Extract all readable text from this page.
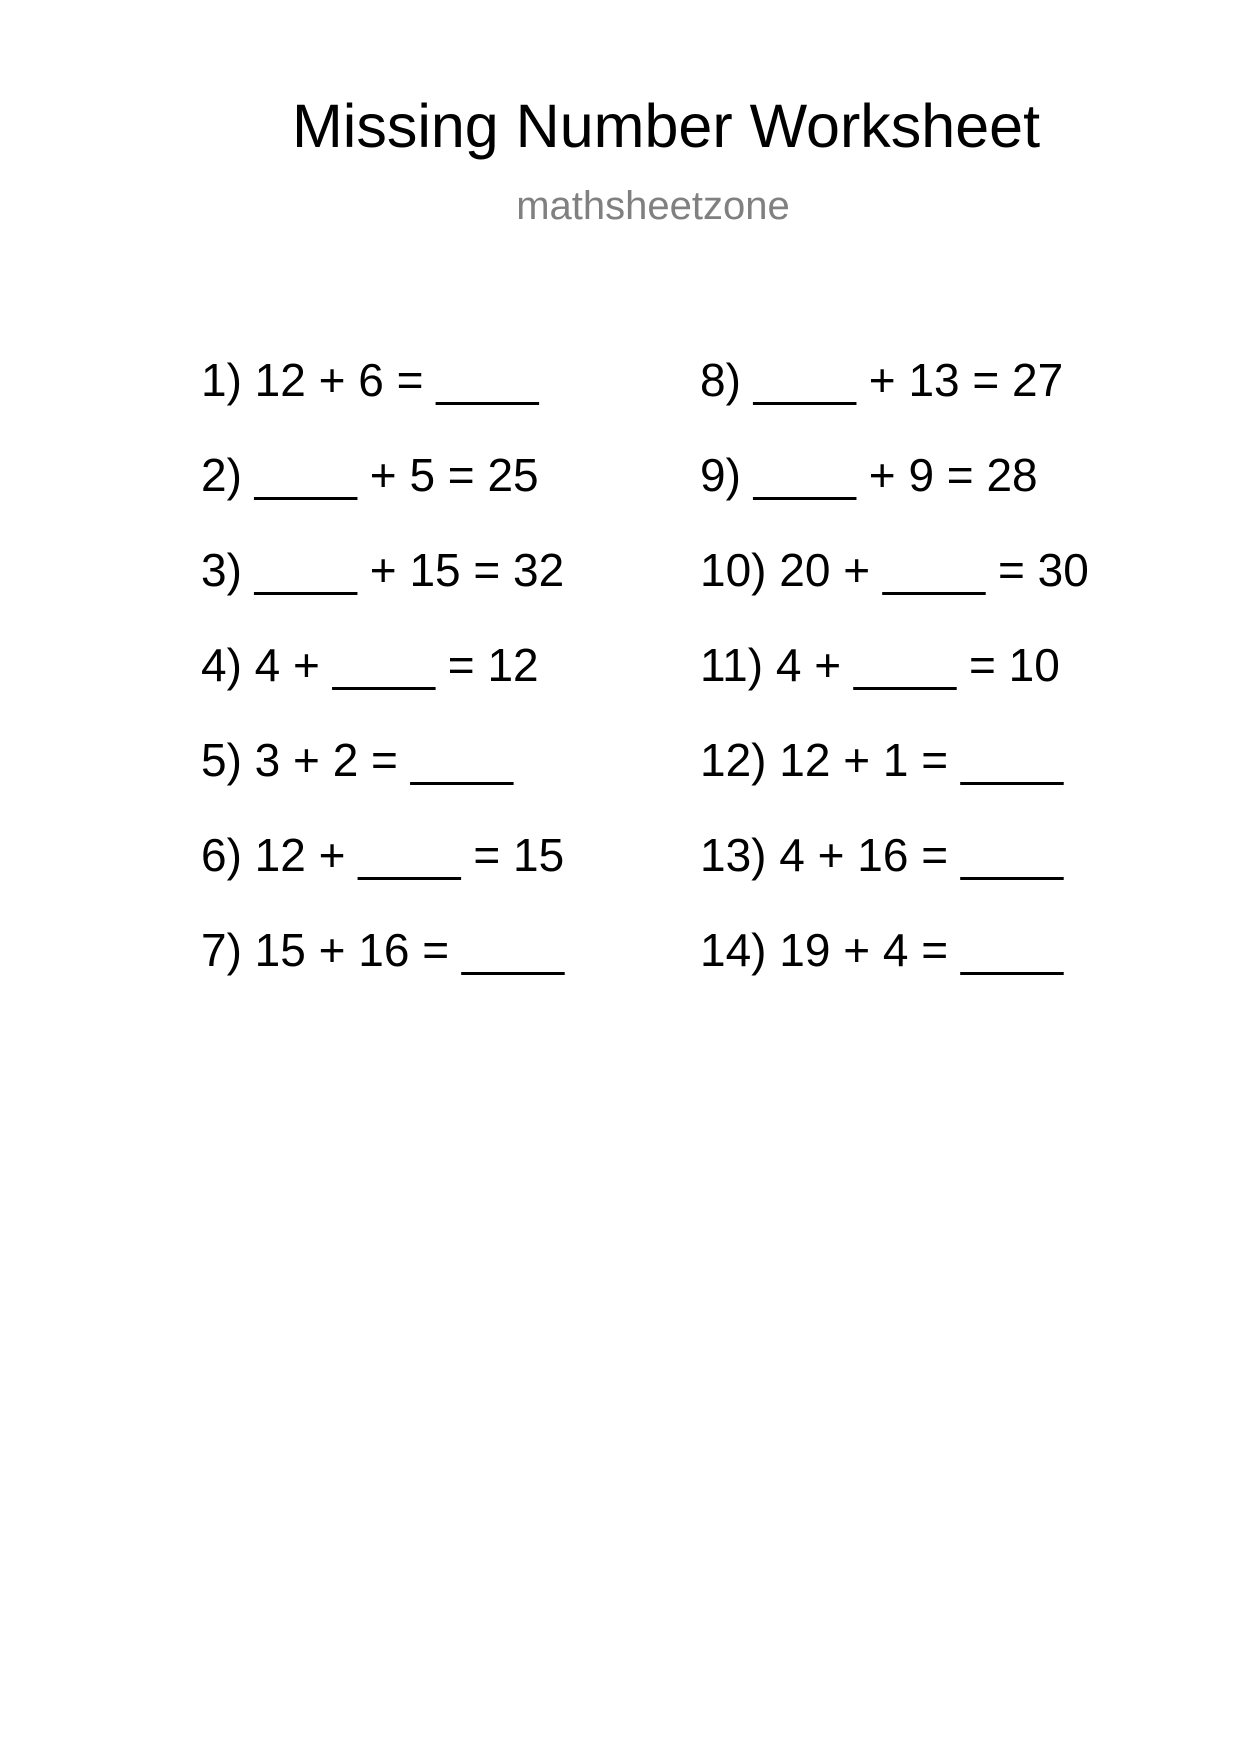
Missing Number Worksheet
mathsheetzone
1) 12 + 6 = ____
2) ____ + 5 = 25
3) ____ + 15 = 32
4) 4 + ____ = 12
5) 3 + 2 = ____
6) 12 + ____ = 15
7) 15 + 16 = ____
8) ____ + 13 = 27
9) ____ + 9 = 28
10) 20 + ____ = 30
11) 4 + ____ = 10
12) 12 + 1 = ____
13) 4 + 16 = ____
14) 19 + 4 = ____
